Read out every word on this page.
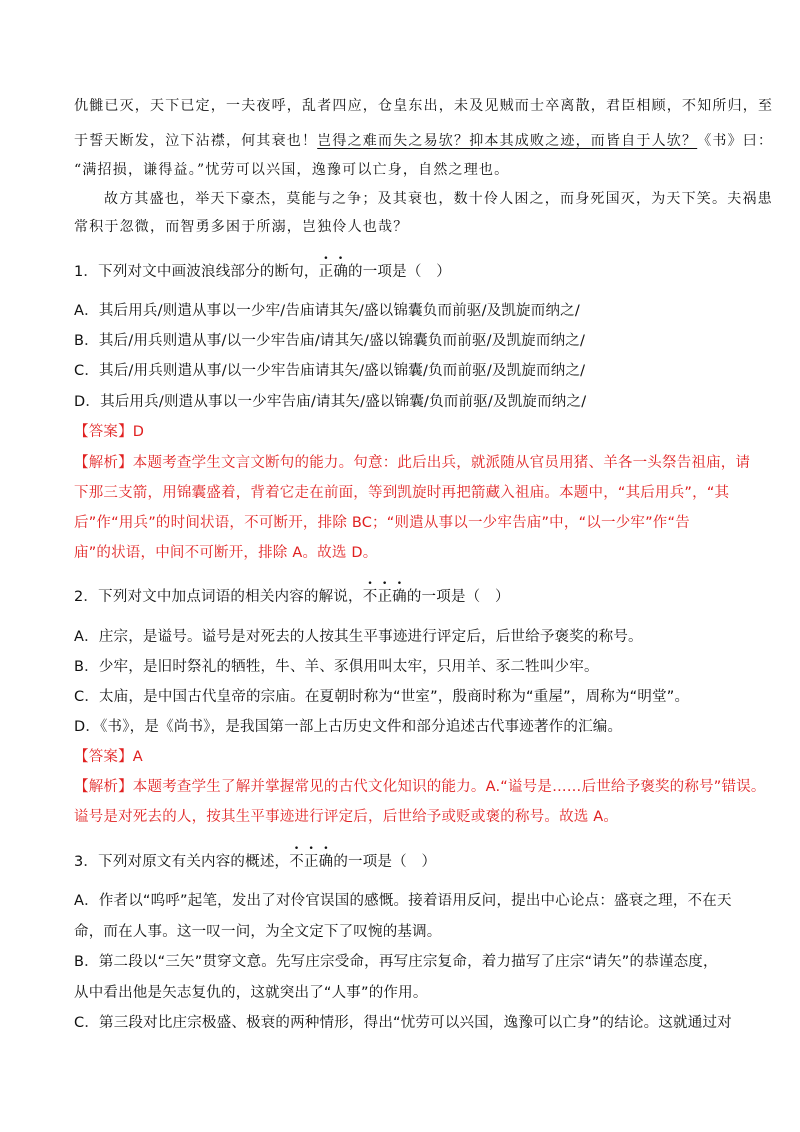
仇雠已灭，天下已定，一夫夜呼，乱者四应，仓皇东出，未及见贼而士卒离散，君臣相顾，不知所归，至
于誓天断发，泣下沾襟，何其衰也！岂得之难而失之易欤？抑本其成败之迹，而皆自于人欤？《书》曰：
“满招损，谦得益。”忧劳可以兴国，逸豫可以亡身，自然之理也。
故方其盛也，举天下豪杰，莫能与之争；及其衰也，数十伶人困之，而身死国灭，为天下笑。夫祸患
常积于忽微，而智勇多困于所溺，岂独伶人也哉？
1．下列对文中画波浪线部分的断句，正确的一项是（　）
A．其后用兵/则遣从事以一少牢/告庙请其矢/盛以锦囊负而前驱/及凯旋而纳之/
B．其后/用兵则遣从事/以一少牢告庙/请其矢/盛以锦囊负而前驱/及凯旋而纳之/
C．其后/用兵则遣从事/以一少牢告庙请其矢/盛以锦囊/负而前驱/及凯旋而纳之/
D．其后用兵/则遣从事以一少牢告庙/请其矢/盛以锦囊/负而前驱/及凯旋而纳之/
【答案】D
【解析】本题考查学生文言文断句的能力。句意：此后出兵，就派随从官员用猪、羊各一头祭告祖庙，请
下那三支箭，用锦囊盛着，背着它走在前面，等到凯旋时再把箭藏入祖庙。本题中，“其后用兵”，“其
后”作“用兵”的时间状语，不可断开，排除 BC；“则遣从事以一少牢告庙”中，“以一少牢”作“告
庙”的状语，中间不可断开，排除 A。故选 D。
2．下列对文中加点词语的相关内容的解说，不正确的一项是（　）
A．庄宗，是谥号。谥号是对死去的人按其生平事迹进行评定后，后世给予褒奖的称号。
B．少牢，是旧时祭礼的牺牲，牛、羊、豕俱用叫太牢，只用羊、豕二牲叫少牢。
C．太庙，是中国古代皇帝的宗庙。在夏朝时称为“世室”，殷商时称为“重屋”，周称为“明堂”。
D．《书》，是《尚书》，是我国第一部上古历史文件和部分追述古代事迹著作的汇编。
【答案】A
【解析】本题考查学生了解并掌握常见的古代文化知识的能力。A.“谥号是……后世给予褒奖的称号”错误。
谥号是对死去的人，按其生平事迹进行评定后，后世给予或贬或褒的称号。故选 A。
3．下列对原文有关内容的概述，不正确的一项是（　）
A．作者以“呜呼”起笔，发出了对伶官误国的感慨。接着语用反问，提出中心论点：盛衰之理，不在天
命，而在人事。这一叹一问，为全文定下了叹惋的基调。
B．第二段以“三矢”贯穿文意。先写庄宗受命，再写庄宗复命，着力描写了庄宗“请矢”的恭谨态度，
从中看出他是矢志复仇的，这就突出了“人事”的作用。
C．第三段对比庄宗极盛、极衰的两种情形，得出“忧劳可以兴国，逸豫可以亡身”的结论。这就通过对
